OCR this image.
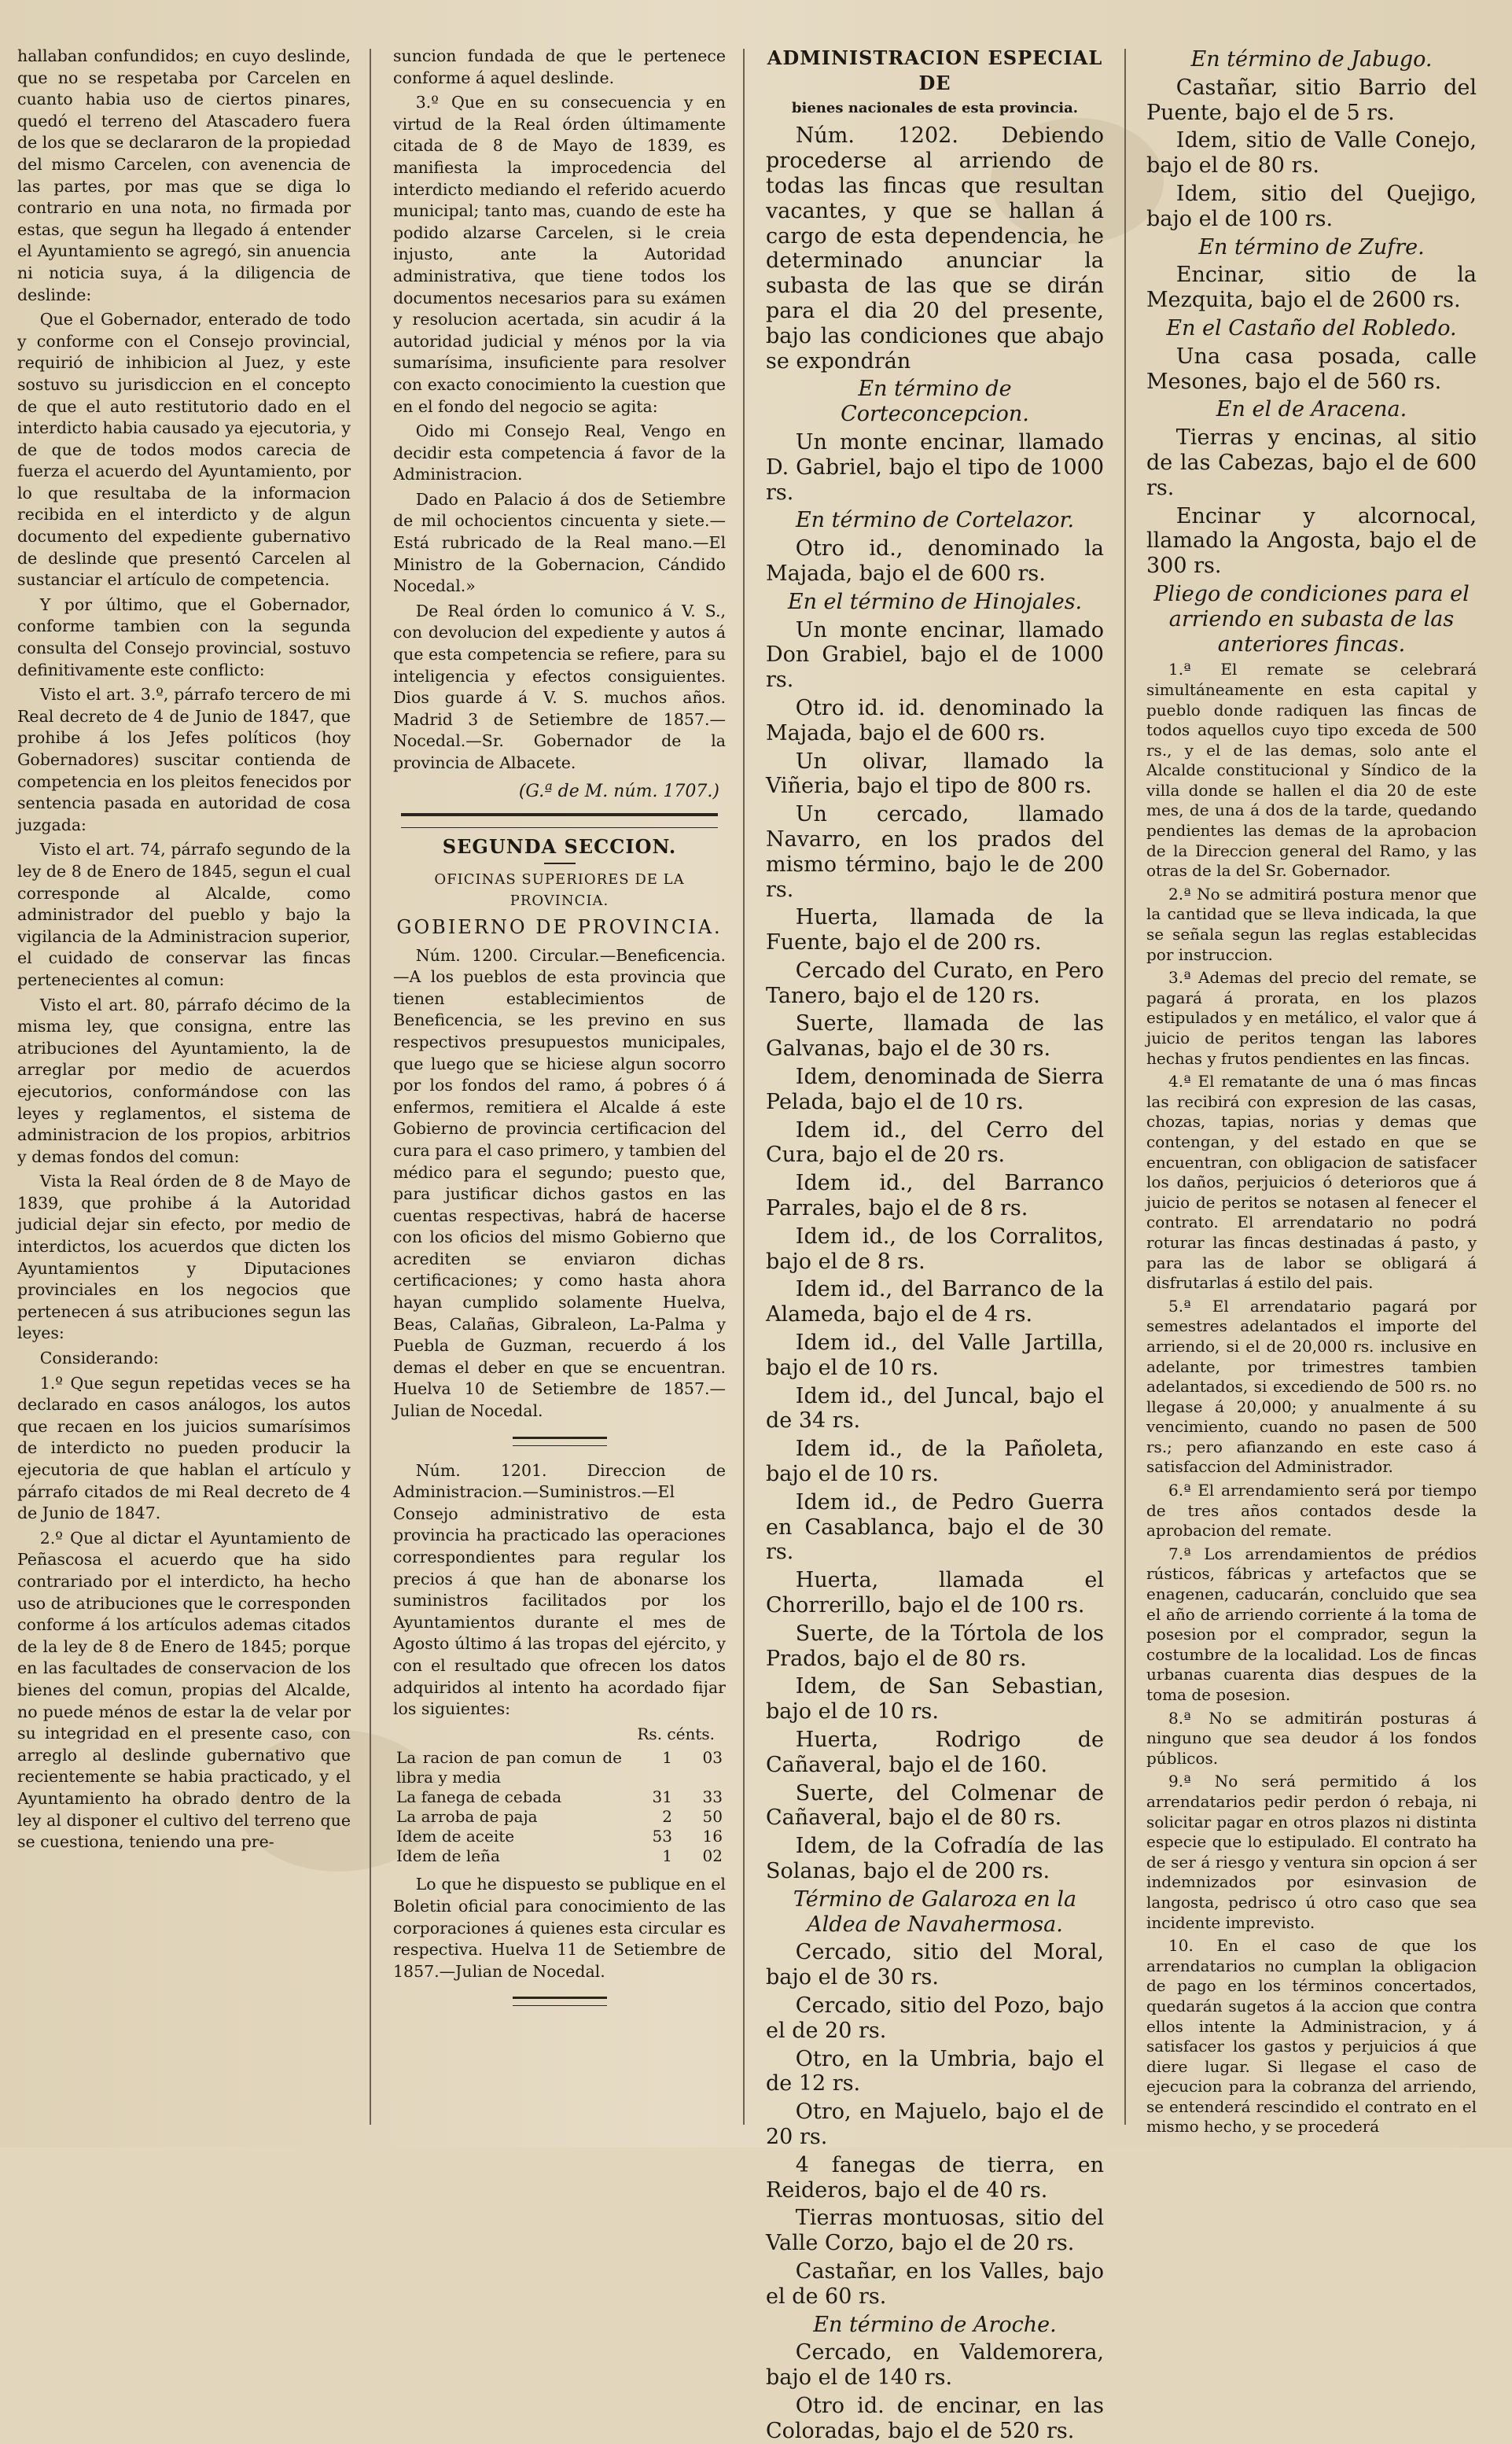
hallaban confundidos; en cuyo deslinde, que no se respetaba por Carcelen en cuanto habia uso de ciertos pinares, quedó el terreno del Atascadero fuera de los que se declararon de la propiedad del mismo Carcelen, con avenencia de las partes, por mas que se diga lo contrario en una nota, no firmada por estas, que segun ha llegado á entender el Ayuntamiento se agregó, sin anuencia ni noticia suya, á la diligencia de deslinde:

Que el Gobernador, enterado de todo y conforme con el Consejo provincial, requirió de inhibicion al Juez, y este sostuvo su jurisdiccion en el concepto de que el auto restitutorio dado en el interdicto habia causado ya ejecutoria, y de que de todos modos carecia de fuerza el acuerdo del Ayuntamiento, por lo que resultaba de la informacion recibida en el interdicto y de algun documento del expediente gubernativo de deslinde que presentó Carcelen al sustanciar el artículo de competencia.

Y por último, que el Gobernador, conforme tambien con la segunda consulta del Consejo provincial, sostuvo definitivamente este conflicto:

Visto el art. 3.º, párrafo tercero de mi Real decreto de 4 de Junio de 1847, que prohibe á los Jefes políticos (hoy Gobernadores) suscitar contienda de competencia en los pleitos fenecidos por sentencia pasada en autoridad de cosa juzgada:

Visto el art. 74, párrafo segundo de la ley de 8 de Enero de 1845, segun el cual corresponde al Alcalde, como administrador del pueblo y bajo la vigilancia de la Administracion superior, el cuidado de conservar las fincas pertenecientes al comun:

Visto el art. 80, párrafo décimo de la misma ley, que consigna, entre las atribuciones del Ayuntamiento, la de arreglar por medio de acuerdos ejecutorios, conformándose con las leyes y reglamentos, el sistema de administracion de los propios, arbitrios y demas fondos del comun:

Vista la Real órden de 8 de Mayo de 1839, que prohibe á la Autoridad judicial dejar sin efecto, por medio de interdictos, los acuerdos que dicten los Ayuntamientos y Diputaciones provinciales en los negocios que pertenecen á sus atribuciones segun las leyes:

Considerando:

1.º Que segun repetidas veces se ha declarado en casos análogos, los autos que recaen en los juicios sumarísimos de interdicto no pueden producir la ejecutoria de que hablan el artículo y párrafo citados de mi Real decreto de 4 de Junio de 1847.

2.º Que al dictar el Ayuntamiento de Peñascosa el acuerdo que ha sido contrariado por el interdicto, ha hecho uso de atribuciones que le corresponden conforme á los artículos ademas citados de la ley de 8 de Enero de 1845; porque en las facultades de conservacion de los bienes del comun, propias del Alcalde, no puede ménos de estar la de velar por su integridad en el presente caso, con arreglo al deslinde gubernativo que recientemente se habia practicado, y el Ayuntamiento ha obrado dentro de la ley al disponer el cultivo del terreno que se cuestiona, teniendo una pre-

suncion fundada de que le pertenece conforme á aquel deslinde.

3.º Que en su consecuencia y en virtud de la Real órden últimamente citada de 8 de Mayo de 1839, es manifiesta la improcedencia del interdicto mediando el referido acuerdo municipal; tanto mas, cuando de este ha podido alzarse Carcelen, si le creia injusto, ante la Autoridad administrativa, que tiene todos los documentos necesarios para su exámen y resolucion acertada, sin acudir á la autoridad judicial y ménos por la via sumarísima, insuficiente para resolver con exacto conocimiento la cuestion que en el fondo del negocio se agita:

Oido mi Consejo Real, Vengo en decidir esta competencia á favor de la Administracion.

Dado en Palacio á dos de Setiembre de mil ochocientos cincuenta y siete.—Está rubricado de la Real mano.—El Ministro de la Gobernacion, Cándido Nocedal.»

De Real órden lo comunico á V. S., con devolucion del expediente y autos á que esta competencia se refiere, para su inteligencia y efectos consiguientes. Dios guarde á V. S. muchos años. Madrid 3 de Setiembre de 1857.—Nocedal.—Sr. Gobernador de la provincia de Albacete.

(G.ª de M. núm. 1707.)
SEGUNDA SECCION.
OFICINAS SUPERIORES DE LA PROVINCIA.
GOBIERNO DE PROVINCIA.

Núm. 1200. Circular.—Beneficencia.—A los pueblos de esta provincia que tienen establecimientos de Beneficencia, se les previno en sus respectivos presupuestos municipales, que luego que se hiciese algun socorro por los fondos del ramo, á pobres ó á enfermos, remitiera el Alcalde á este Gobierno de provincia certificacion del cura para el caso primero, y tambien del médico para el segundo; puesto que, para justificar dichos gastos en las cuentas respectivas, habrá de hacerse con los oficios del mismo Gobierno que acrediten se enviaron dichas certificaciones; y como hasta ahora hayan cumplido solamente Huelva, Beas, Calañas, Gibraleon, La-Palma y Puebla de Guzman, recuerdo á los demas el deber en que se encuentran. Huelva 10 de Setiembre de 1857.—Julian de Nocedal.

Núm. 1201. Direccion de Administracion.—Suministros.—El Consejo administrativo de esta provincia ha practicado las operaciones correspondientes para regular los precios á que han de abonarse los suministros facilitados por los Ayuntamientos durante el mes de Agosto último á las tropas del ejército, y con el resultado que ofrecen los datos adquiridos al intento ha acordado fijar los siguientes:

Rs. cénts.
La racion de pan comun de libra y media	1	03
La fanega de cebada	31	33
La arroba de paja	2	50
Idem de aceite	53	16
Idem de leña	1	02

Lo que he dispuesto se publique en el Boletin oficial para conocimiento de las corporaciones á quienes esta circular es respectiva. Huelva 11 de Setiembre de 1857.—Julian de Nocedal.

ADMINISTRACION ESPECIAL DE
bienes nacionales de esta provincia.

Núm. 1202. Debiendo procederse al arriendo de todas las fincas que resultan vacantes, y que se hallan á cargo de esta dependencia, he determinado anunciar la subasta de las que se dirán para el dia 20 del presente, bajo las condiciones que abajo se expondrán

En término de Corteconcepcion.

Un monte encinar, llamado D. Gabriel, bajo el tipo de 1000 rs.

En término de Cortelazor.

Otro id., denominado la Majada, bajo el de 600 rs.

En el término de Hinojales.

Un monte encinar, llamado Don Grabiel, bajo el de 1000 rs.

Otro id. id. denominado la Majada, bajo el de 600 rs.

Un olivar, llamado la Viñeria, bajo el tipo de 800 rs.

Un cercado, llamado Navarro, en los prados del mismo término, bajo le de 200 rs.

Huerta, llamada de la Fuente, bajo el de 200 rs.

Cercado del Curato, en Pero Tanero, bajo el de 120 rs.

Suerte, llamada de las Galvanas, bajo el de 30 rs.

Idem, denominada de Sierra Pelada, bajo el de 10 rs.

Idem id., del Cerro del Cura, bajo el de 20 rs.

Idem id., del Barranco Parrales, bajo el de 8 rs.

Idem id., de los Corralitos, bajo el de 8 rs.

Idem id., del Barranco de la Alameda, bajo el de 4 rs.

Idem id., del Valle Jartilla, bajo el de 10 rs.

Idem id., del Juncal, bajo el de 34 rs.

Idem id., de la Pañoleta, bajo el de 10 rs.

Idem id., de Pedro Guerra en Casablanca, bajo el de 30 rs.

Huerta, llamada el Chorrerillo, bajo el de 100 rs.

Suerte, de la Tórtola de los Prados, bajo el de 80 rs.

Idem, de San Sebastian, bajo el de 10 rs.

Huerta, Rodrigo de Cañaveral, bajo el de 160.

Suerte, del Colmenar de Cañaveral, bajo el de 80 rs.

Idem, de la Cofradía de las Solanas, bajo el de 200 rs.

Término de Galaroza en la Aldea de Navahermosa.

Cercado, sitio del Moral, bajo el de 30 rs.

Cercado, sitio del Pozo, bajo el de 20 rs.

Otro, en la Umbria, bajo el de 12 rs.

Otro, en Majuelo, bajo el de 20 rs.

4 fanegas de tierra, en Reideros, bajo el de 40 rs.

Tierras montuosas, sitio del Valle Corzo, bajo el de 20 rs.

Castañar, en los Valles, bajo el de 60 rs.

En término de Aroche.

Cercado, en Valdemorera, bajo el de 140 rs.

Otro id. de encinar, en las Coloradas, bajo el de 520 rs.

En término de Jabugo.

Castañar, sitio Barrio del Puente, bajo el de 5 rs.

Idem, sitio de Valle Conejo, bajo el de 80 rs.

Idem, sitio del Quejigo, bajo el de 100 rs.

En término de Zufre.

Encinar, sitio de la Mezquita, bajo el de 2600 rs.

En el Castaño del Robledo.

Una casa posada, calle Mesones, bajo el de 560 rs.

En el de Aracena.

Tierras y encinas, al sitio de las Cabezas, bajo el de 600 rs.

Encinar y alcornocal, llamado la Angosta, bajo el de 300 rs.

Pliego de condiciones para el arriendo en subasta de las anteriores fincas.

1.ª El remate se celebrará simultáneamente en esta capital y pueblo donde radiquen las fincas de todos aquellos cuyo tipo exceda de 500 rs., y el de las demas, solo ante el Alcalde constitucional y Síndico de la villa donde se hallen el dia 20 de este mes, de una á dos de la tarde, quedando pendientes las demas de la aprobacion de la Direccion general del Ramo, y las otras de la del Sr. Gobernador.

2.ª No se admitirá postura menor que la cantidad que se lleva indicada, la que se señala segun las reglas establecidas por instruccion.

3.ª Ademas del precio del remate, se pagará á prorata, en los plazos estipulados y en metálico, el valor que á juicio de peritos tengan las labores hechas y frutos pendientes en las fincas.

4.ª El rematante de una ó mas fincas las recibirá con expresion de las casas, chozas, tapias, norias y demas que contengan, y del estado en que se encuentran, con obligacion de satisfacer los daños, perjuicios ó deterioros que á juicio de peritos se notasen al fenecer el contrato. El arrendatario no podrá roturar las fincas destinadas á pasto, y para las de labor se obligará á disfrutarlas á estilo del pais.

5.ª El arrendatario pagará por semestres adelantados el importe del arriendo, si el de 20,000 rs. inclusive en adelante, por trimestres tambien adelantados, si excediendo de 500 rs. no llegase á 20,000; y anualmente á su vencimiento, cuando no pasen de 500 rs.; pero afianzando en este caso á satisfaccion del Administrador.

6.ª El arrendamiento será por tiempo de tres años contados desde la aprobacion del remate.

7.ª Los arrendamientos de prédios rústicos, fábricas y artefactos que se enagenen, caducarán, concluido que sea el año de arriendo corriente á la toma de posesion por el comprador, segun la costumbre de la localidad. Los de fincas urbanas cuarenta dias despues de la toma de posesion.

8.ª No se admitirán posturas á ninguno que sea deudor á los fondos públicos.

9.ª No será permitido á los arrendatarios pedir perdon ó rebaja, ni solicitar pagar en otros plazos ni distinta especie que lo estipulado. El contrato ha de ser á riesgo y ventura sin opcion á ser indemnizados por esinvasion de langosta, pedrisco ú otro caso que sea incidente imprevisto.

10. En el caso de que los arrendatarios no cumplan la obligacion de pago en los términos concertados, quedarán sugetos á la accion que contra ellos intente la Administracion, y á satisfacer los gastos y perjuicios á que diere lugar. Si llegase el caso de ejecucion para la cobranza del arriendo, se entenderá rescindido el contrato en el mismo hecho, y se procederá
